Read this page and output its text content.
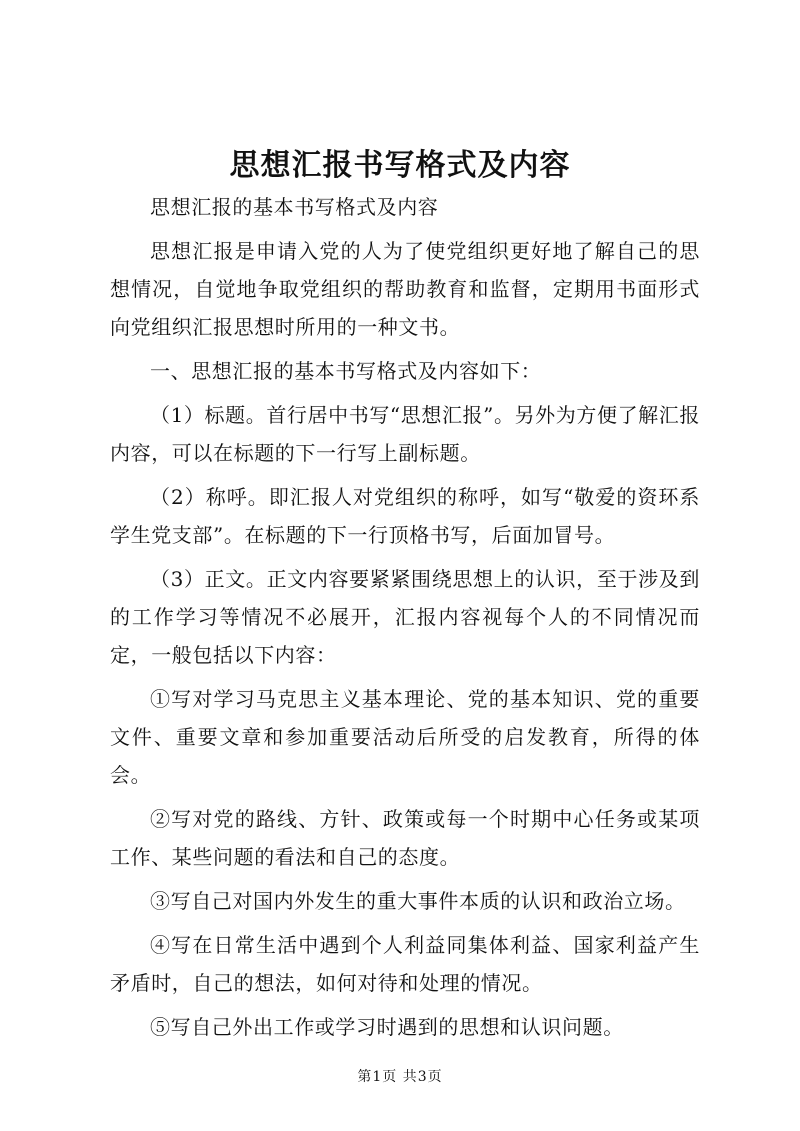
思想汇报书写格式及内容

思想汇报的基本书写格式及内容

思想汇报是申请入党的人为了使党组织更好地了解自己的思想情况，自觉地争取党组织的帮助教育和监督，定期用书面形式向党组织汇报思想时所用的一种文书。

一、思想汇报的基本书写格式及内容如下：

（1）标题。首行居中书写“思想汇报”。另外为方便了解汇报内容，可以在标题的下一行写上副标题。

（2）称呼。即汇报人对党组织的称呼，如写“敬爱的资环系学生党支部”。在标题的下一行顶格书写，后面加冒号。

（3）正文。正文内容要紧紧围绕思想上的认识，至于涉及到的工作学习等情况不必展开，汇报内容视每个人的不同情况而定，一般包括以下内容：

①写对学习马克思主义基本理论、党的基本知识、党的重要文件、重要文章和参加重要活动后所受的启发教育，所得的体会。

②写对党的路线、方针、政策或每一个时期中心任务或某项工作、某些问题的看法和自己的态度。

③写自己对国内外发生的重大事件本质的认识和政治立场。

④写在日常生活中遇到个人利益同集体利益、国家利益产生矛盾时，自己的想法，如何对待和处理的情况。

⑤写自己外出工作或学习时遇到的思想和认识问题。

第1页 共3页
